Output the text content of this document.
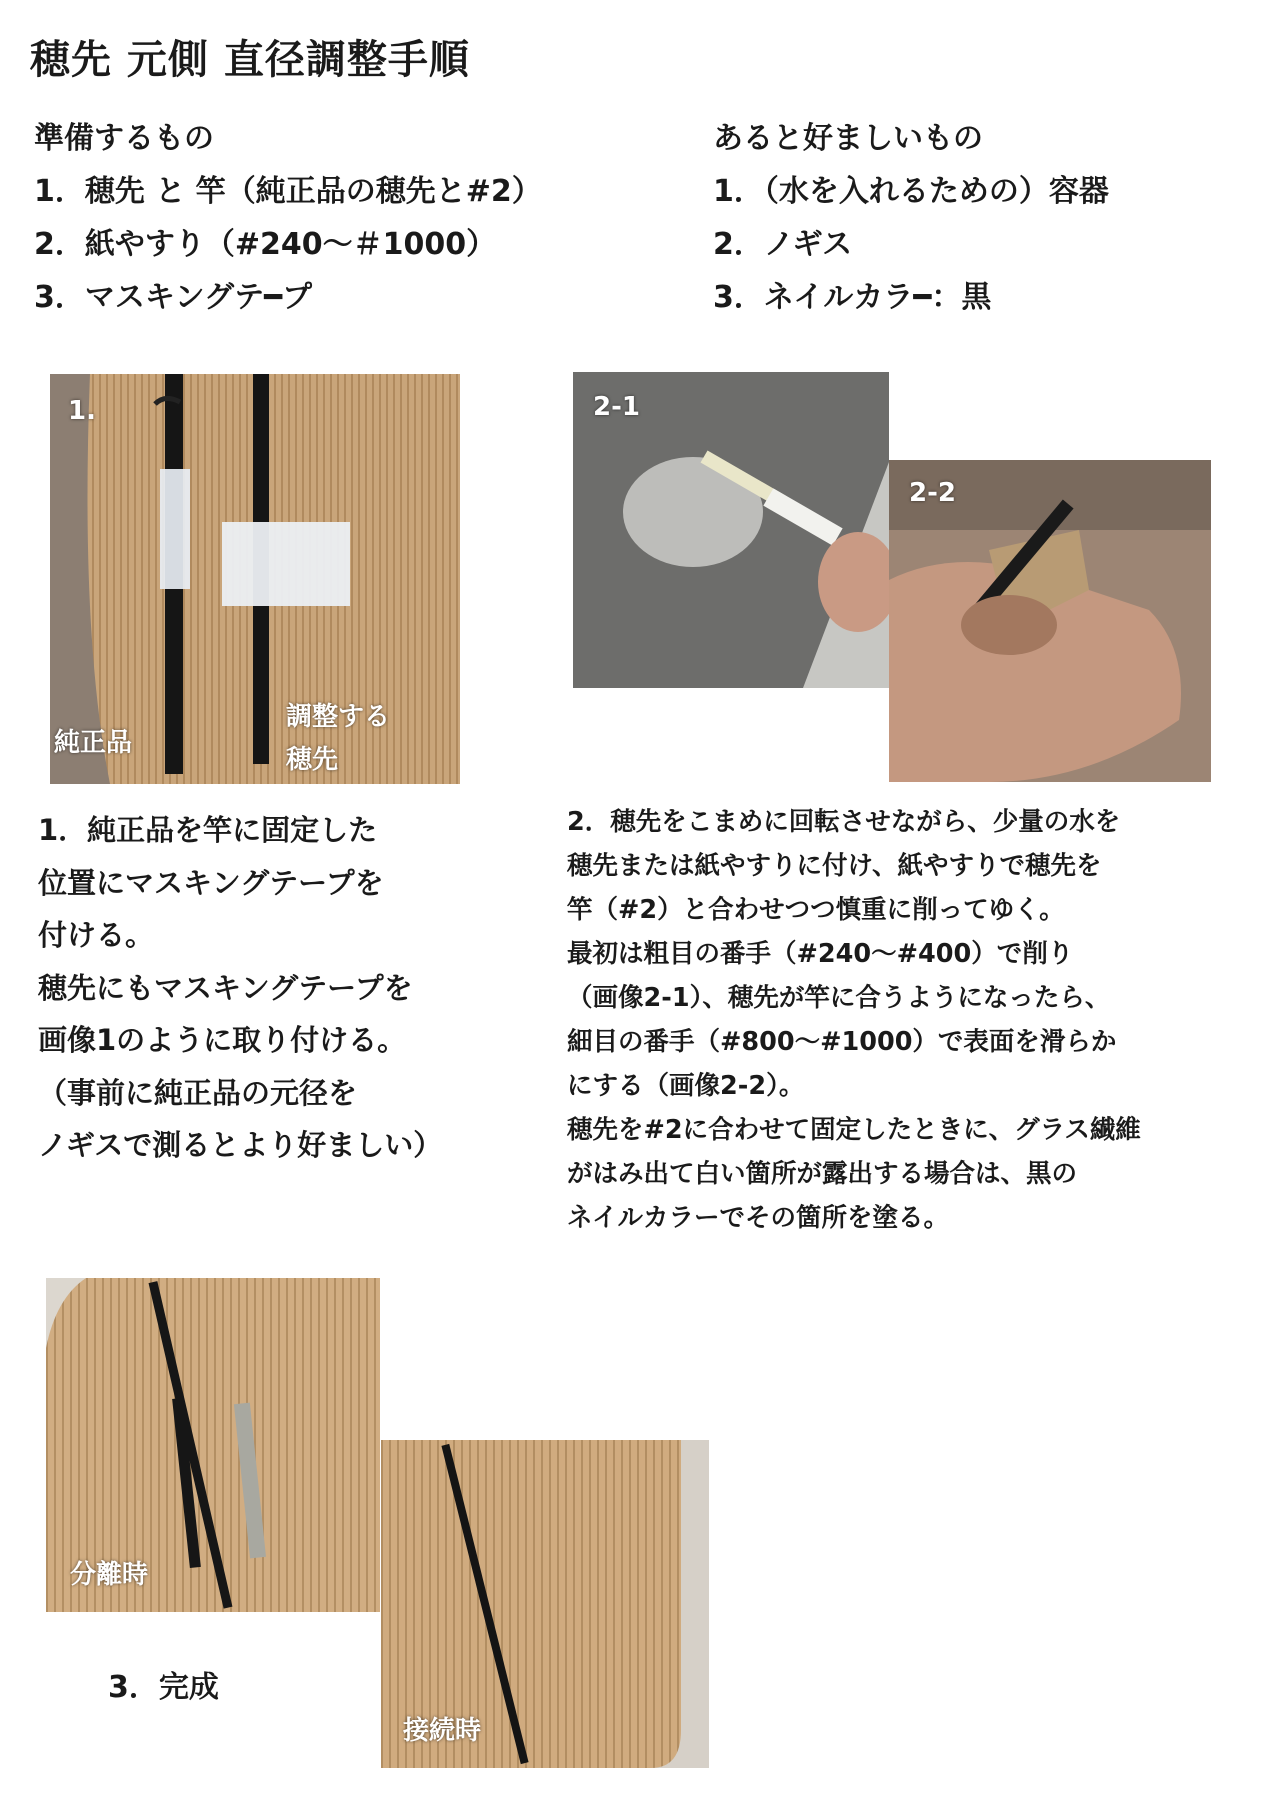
穂先 元側 直径調整手順
準備するもの
1．穂先 と 竿（純正品の穂先と#2）
2．紙やすり（#240～＃1000）
3．マスキングテ━プ
あると好ましいもの
1．（水を入れるための）容器
2．ノギス
3．ネイルカラ━：黒
1.
純正品
調整する
穂先
2-1
2-2
1．純正品を竿に固定した
位置にマスキングテープを
付ける。
穂先にもマスキングテープを
画像1のように取り付ける。
（事前に純正品の元径を
ノギスで測るとより好ましい）
2．穂先をこまめに回転させながら、少量の水を
穂先または紙やすりに付け、紙やすりで穂先を
竿（#2）と合わせつつ慎重に削ってゆく。
最初は粗目の番手（#240～#400）で削り
（画像2-1）、穂先が竿に合うようになったら、
細目の番手（#800～#1000）で表面を滑らか
にする（画像2-2）。
穂先を#2に合わせて固定したときに、グラス繊維
がはみ出て白い箇所が露出する場合は、黒の
ネイルカラーでその箇所を塗る。
分離時
接続時
3．完成
